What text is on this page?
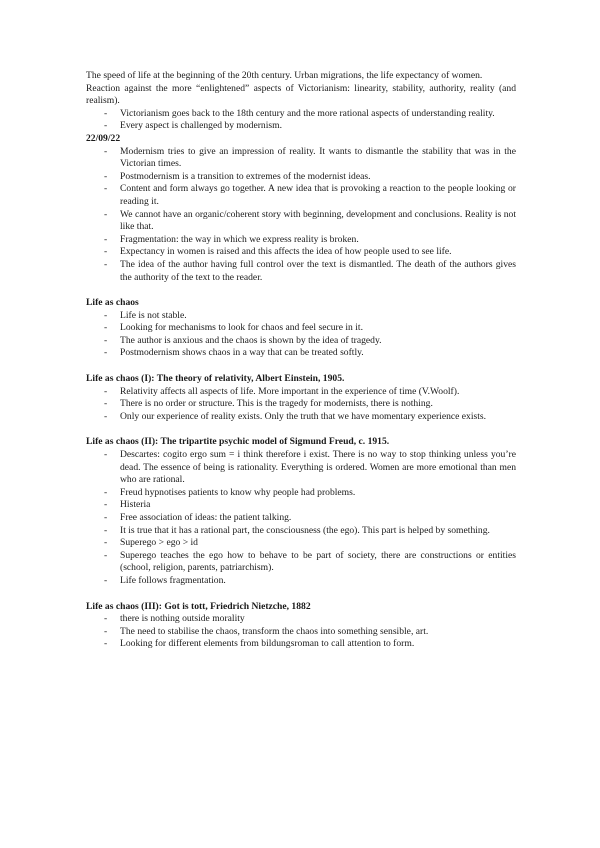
The speed of life at the beginning of the 20th century. Urban migrations, the life expectancy of women.

Reaction against the more “enlightened” aspects of Victorianism: linearity, stability, authority, reality (and realism).

- Victorianism goes back to the 18th century and the more rational aspects of understanding reality.
- Every aspect is challenged by modernism.

22/09/22

- Modernism tries to give an impression of reality. It wants to dismantle the stability that was in the Victorian times.
- Postmodernism is a transition to extremes of the modernist ideas.
- Content and form always go together. A new idea that is provoking a reaction to the people looking or reading it.
- We cannot have an organic/coherent story with beginning, development and conclusions. Reality is not like that.
- Fragmentation: the way in which we express reality is broken.
- Expectancy in women is raised and this affects the idea of how people used to see life.
- The idea of the author having full control over the text is dismantled. The death of the authors gives the authority of the text to the reader.

Life as chaos

- Life is not stable.
- Looking for mechanisms to look for chaos and feel secure in it.
- The author is anxious and the chaos is shown by the idea of tragedy.
- Postmodernism shows chaos in a way that can be treated softly.

Life as chaos (I): The theory of relativity, Albert Einstein, 1905.

- Relativity affects all aspects of life. More important in the experience of time (V.Woolf).
- There is no order or structure. This is the tragedy for modernists, there is nothing.
- Only our experience of reality exists. Only the truth that we have momentary experience exists.

Life as chaos (II): The tripartite psychic model of Sigmund Freud, c. 1915.

- Descartes: cogito ergo sum = i think therefore i exist. There is no way to stop thinking unless you’re dead. The essence of being is rationality. Everything is ordered. Women are more emotional than men who are rational.
- Freud hypnotises patients to know why people had problems.
- Histeria
- Free association of ideas: the patient talking.
- It is true that it has a rational part, the consciousness (the ego). This part is helped by something.
- Superego > ego > id
- Superego teaches the ego how to behave to be part of society, there are constructions or entities (school, religion, parents, patriarchism).
- Life follows fragmentation.

Life as chaos (III): Got is tott, Friedrich Nietzche, 1882

- there is nothing outside morality
- The need to stabilise the chaos, transform the chaos into something sensible, art.
- Looking for different elements from bildungsroman to call attention to form.
